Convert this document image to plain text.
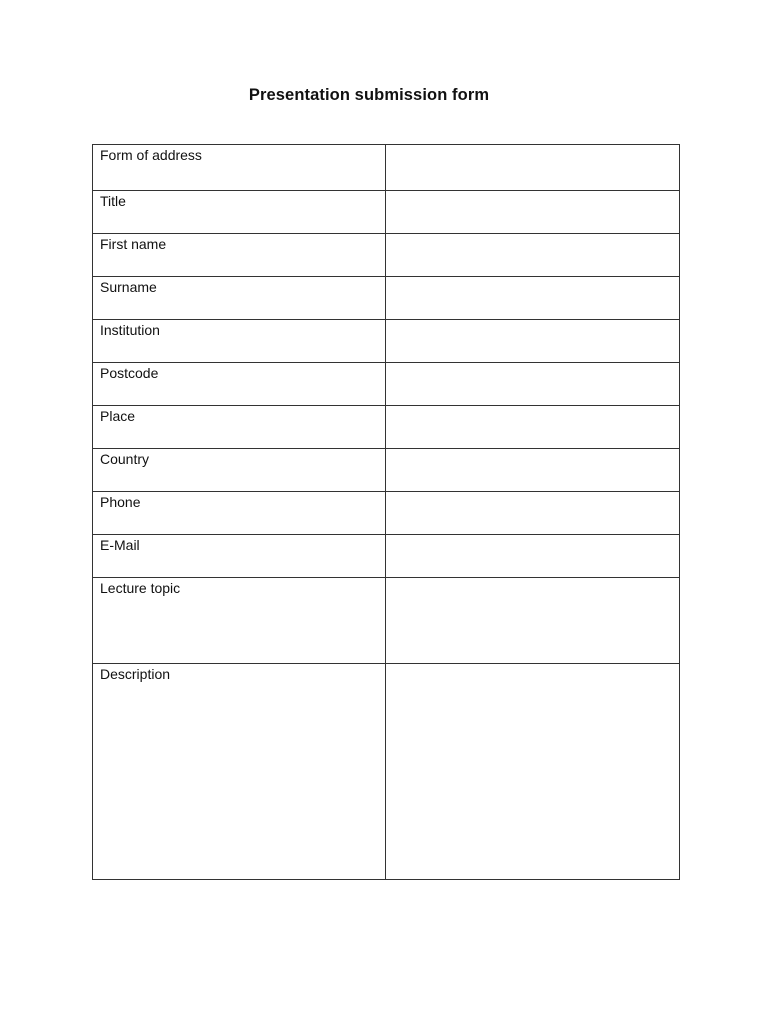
Presentation submission form
Form of address	
Title	
First name	
Surname	
Institution	
Postcode	
Place	
Country	
Phone	
E-Mail	
Lecture topic	
Description	
